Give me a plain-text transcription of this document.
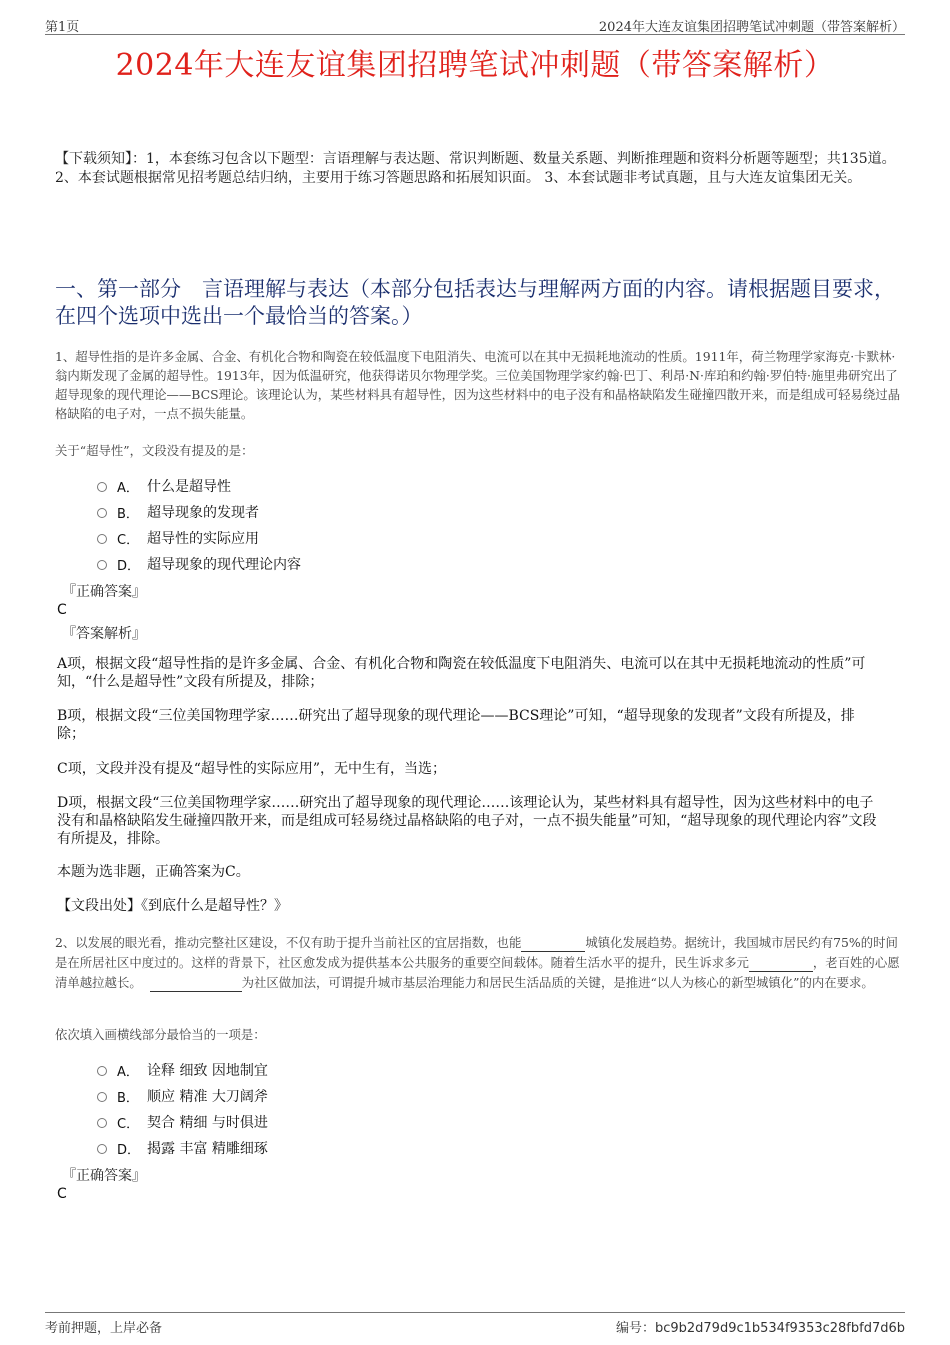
第1页	2024年大连友谊集团招聘笔试冲刺题（带答案解析）
2024年大连友谊集团招聘笔试冲刺题（带答案解析）
【下载须知】：1，本套练习包含以下题型：言语理解与表达题、常识判断题、数量关系题、判断推理题和资料分析题等题型；共135道。 2、本套试题根据常见招考题总结归纳，主要用于练习答题思路和拓展知识面。 3、本套试题非考试真题，且与大连友谊集团无关。
一、第一部分　言语理解与表达（本部分包括表达与理解两方面的内容。请根据题目要求，在四个选项中选出一个最恰当的答案。）
1、超导性指的是许多金属、合金、有机化合物和陶瓷在较低温度下电阻消失、电流可以在其中无损耗地流动的性质。1911年，荷兰物理学家海克·卡默林·翁内斯发现了金属的超导性。1913年，因为低温研究，他获得诺贝尔物理学奖。三位美国物理学家约翰·巴丁、利昂·N·库珀和约翰·罗伯特·施里弗研究出了超导现象的现代理论——BCS理论。该理论认为，某些材料具有超导性，因为这些材料中的电子没有和晶格缺陷发生碰撞四散开来，而是组成可轻易绕过晶格缺陷的电子对，一点不损失能量。
关于“超导性”，文段没有提及的是：
A． 什么是超导性
B． 超导现象的发现者
C． 超导性的实际应用
D． 超导现象的现代理论内容
『正确答案』
C
『答案解析』
A项，根据文段“超导性指的是许多金属、合金、有机化合物和陶瓷在较低温度下电阻消失、电流可以在其中无损耗地流动的性质”可知，“什么是超导性”文段有所提及，排除；
B项，根据文段“三位美国物理学家……研究出了超导现象的现代理论——BCS理论”可知，“超导现象的发现者”文段有所提及，排除；
C项，文段并没有提及“超导性的实际应用”，无中生有，当选；
D项，根据文段“三位美国物理学家……研究出了超导现象的现代理论……该理论认为，某些材料具有超导性，因为这些材料中的电子没有和晶格缺陷发生碰撞四散开来，而是组成可轻易绕过晶格缺陷的电子对，一点不损失能量”可知，“超导现象的现代理论内容”文段有所提及，排除。
本题为选非题，正确答案为C。
【文段出处】《到底什么是超导性？》
2、以发展的眼光看，推动完整社区建设，不仅有助于提升当前社区的宜居指数，也能	城镇化发展趋势。据统计，我国城市居民约有75%的时间是在所居社区中度过的。这样的背景下，社区愈发成为提供基本公共服务的重要空间载体。随着生活水平的提升，民生诉求多元	，老百姓的心愿清单越拉越长。	为社区做加法，可谓提升城市基层治理能力和居民生活品质的关键，是推进“以人为核心的新型城镇化”的内在要求。
依次填入画横线部分最恰当的一项是：
A． 诠释 细致 因地制宜
B． 顺应 精准 大刀阔斧
C． 契合 精细 与时俱进
D． 揭露 丰富 精雕细琢
『正确答案』
C
考前押题，上岸必备	编号：bc9b2d79d9c1b534f9353c28fbfd7d6b
